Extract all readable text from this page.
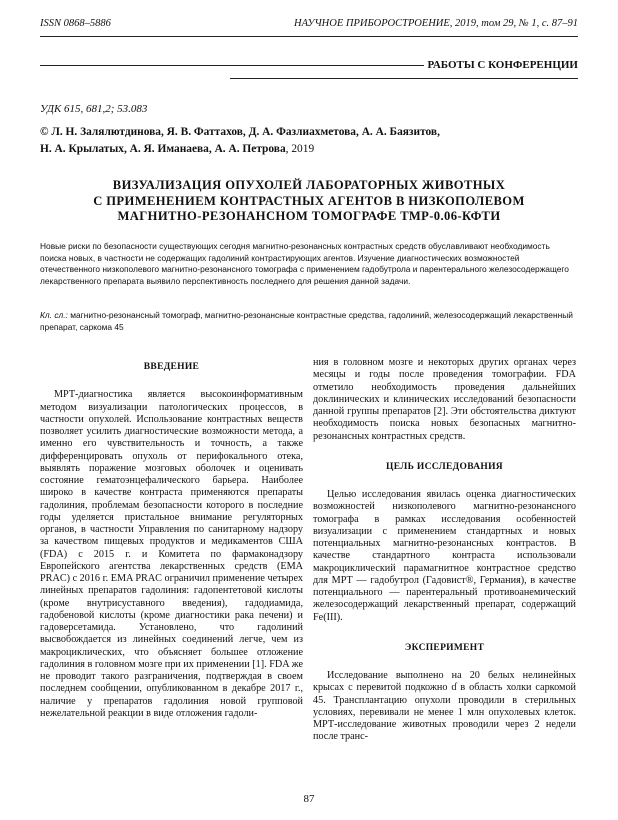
ISSN 0868–5886	НАУЧНОЕ ПРИБОРОСТРОЕНИЕ, 2019, том 29, № 1, с. 87–91
РАБОТЫ С КОНФЕРЕНЦИИ
УДК 615, 681,2; 53.083
© Л. Н. Залялютдинова, Я. В. Фаттахов, Д. А. Фазлиахметова, А. А. Баязитов,
Н. А. Крылатых, А. Я. Иманаева, А. А. Петрова, 2019
ВИЗУАЛИЗАЦИЯ ОПУХОЛЕЙ ЛАБОРАТОРНЫХ ЖИВОТНЫХ
С ПРИМЕНЕНИЕМ КОНТРАСТНЫХ АГЕНТОВ В НИЗКОПОЛЕВОМ
МАГНИТНО-РЕЗОНАНСНОМ ТОМОГРАФЕ ТМР-0.06-КФТИ
Новые риски по безопасности существующих сегодня магнитно-резонансных контрастных средств обуславливают необходимость поиска новых, в частности не содержащих гадолиний контрастирующих агентов. Изучение диагностических возможностей отечественного низкополевого магнитно-резонансного томографа с применением гадобутрола и парентерального железосодержащего лекарственного препарата выявило перспективность последнего для решения данной задачи.
Кл. сл.: магнитно-резонансный томограф, магнитно-резонансные контрастные средства, гадолиний, железосодержащий лекарственный препарат, саркома 45
ВВЕДЕНИЕ

МРТ-диагностика является высокоинформативным методом визуализации патологических процессов, в частности опухолей. Использование контрастных веществ позволяет усилить диагностические возможности метода, а именно его чувствительность и точность, а также дифференцировать опухоль от перифокального отека, выявлять поражение мозговых оболочек и оценивать состояние гематоэнцефалического барьера. Наиболее широко в качестве контраста применяются препараты гадолиния, проблемам безопасности которого в последние годы уделяется пристальное внимание регуляторных органов, в частности Управления по санитарному надзору за качеством пищевых продуктов и медикаментов США (FDA) с 2015 г. и Комитета по фармаконадзору Европейского агентства лекарственных средств (EMA PRAC) с 2016 г. EMA PRAC ограничил применение четырех линейных препаратов гадолиния: гадопентетовой кислоты (кроме внутрисуставного введения), гадодиамида, гадобеновой кислоты (кроме диагностики рака печени) и гадоверсетамида. Установлено, что гадолиний высвобождается из линейных соединений легче, чем из макроциклических, что объясняет большее отложение гадолиния в головном мозге при их применении [1]. FDA же не проводит такого разграничения, подтверждая в своем последнем сообщении, опубликованном в декабре 2017 г., наличие у препаратов гадолиния новой групповой нежелательной реакции в виде отложения гадоли-

ния в головном мозге и некоторых других органах через месяцы и годы после проведения томографии. FDA отметило необходимость проведения дальнейших доклинических и клинических исследований безопасности данной группы препаратов [2]. Эти обстоятельства диктуют необходимость поиска новых безопасных магнитно-резонансных контрастных средств.

ЦЕЛЬ ИССЛЕДОВАНИЯ

Целью исследования явилась оценка диагностических возможностей низкополевого магнитно-резонансного томографа в рамках исследования особенностей визуализации с применением стандартных и новых потенциальных магнитно-резонансных контрастов. В качестве стандартного контраста использовали макроциклический парамагнитное контрастное средство для МРТ — гадобутрол (Гадовист®, Германия), в качестве потенциального — парентеральный противоанемический железосодержащий лекарственный препарат, содержащий Fe(III).

ЭКСПЕРИМЕНТ

Исследование выполнено на 20 белых нелинейных крысах с перевитой подкожно ɗ в область холки саркомой 45. Трансплантацию опухоли проводили в стерильных условиях, перевивали не менее 1 млн опухолевых клеток. МРТ-исследование животных проводили через 2 недели после транс-

87
